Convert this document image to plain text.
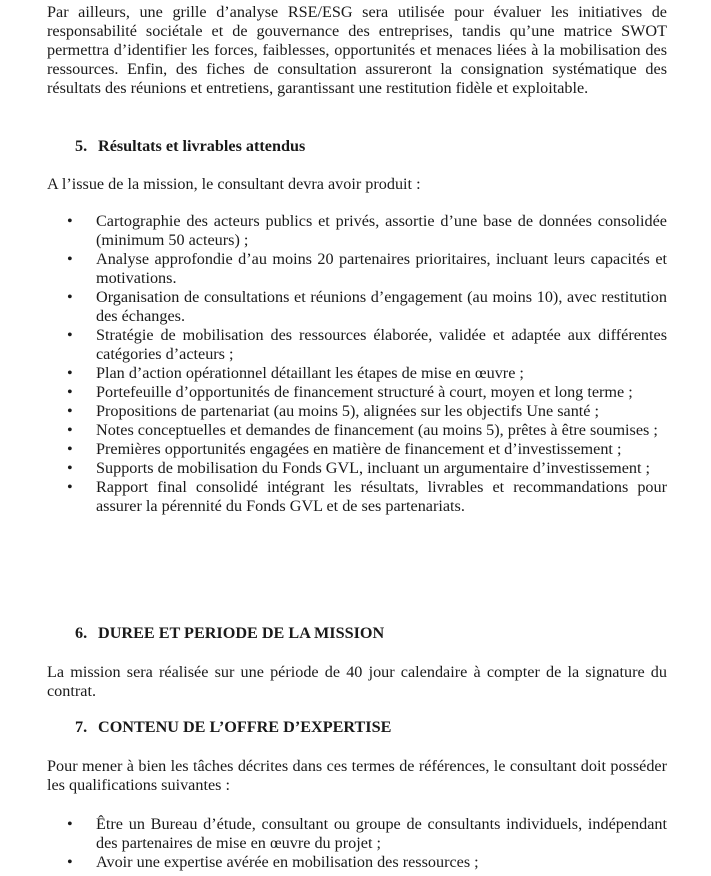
Par ailleurs, une grille d’analyse RSE/ESG sera utilisée pour évaluer les initiatives de responsabilité sociétale et de gouvernance des entreprises, tandis qu’une matrice SWOT permettra d’identifier les forces, faiblesses, opportunités et menaces liées à la mobilisation des ressources. Enfin, des fiches de consultation assureront la consignation systématique des résultats des réunions et entretiens, garantissant une restitution fidèle et exploitable.

5. Résultats et livrables attendus

A l’issue de la mission, le consultant devra avoir produit :

• Cartographie des acteurs publics et privés, assortie d’une base de données consolidée (minimum 50 acteurs) ;
• Analyse approfondie d’au moins 20 partenaires prioritaires, incluant leurs capacités et motivations.
• Organisation de consultations et réunions d’engagement (au moins 10), avec restitution des échanges.
• Stratégie de mobilisation des ressources élaborée, validée et adaptée aux différentes catégories d’acteurs ;
• Plan d’action opérationnel détaillant les étapes de mise en œuvre ;
• Portefeuille d’opportunités de financement structuré à court, moyen et long terme ;
• Propositions de partenariat (au moins 5), alignées sur les objectifs Une santé ;
• Notes conceptuelles et demandes de financement (au moins 5), prêtes à être soumises ;
• Premières opportunités engagées en matière de financement et d’investissement ;
• Supports de mobilisation du Fonds GVL, incluant un argumentaire d’investissement ;
• Rapport final consolidé intégrant les résultats, livrables et recommandations pour assurer la pérennité du Fonds GVL et de ses partenariats.
6. DUREE ET PERIODE DE LA MISSION

La mission sera réalisée sur une période de 40 jour calendaire à compter de la signature du contrat.

7. CONTENU DE L’OFFRE D’EXPERTISE

Pour mener à bien les tâches décrites dans ces termes de références, le consultant doit posséder les qualifications suivantes :

• Être un Bureau d’étude, consultant ou groupe de consultants individuels, indépendant des partenaires de mise en œuvre du projet ;
• Avoir une expertise avérée en mobilisation des ressources ;
